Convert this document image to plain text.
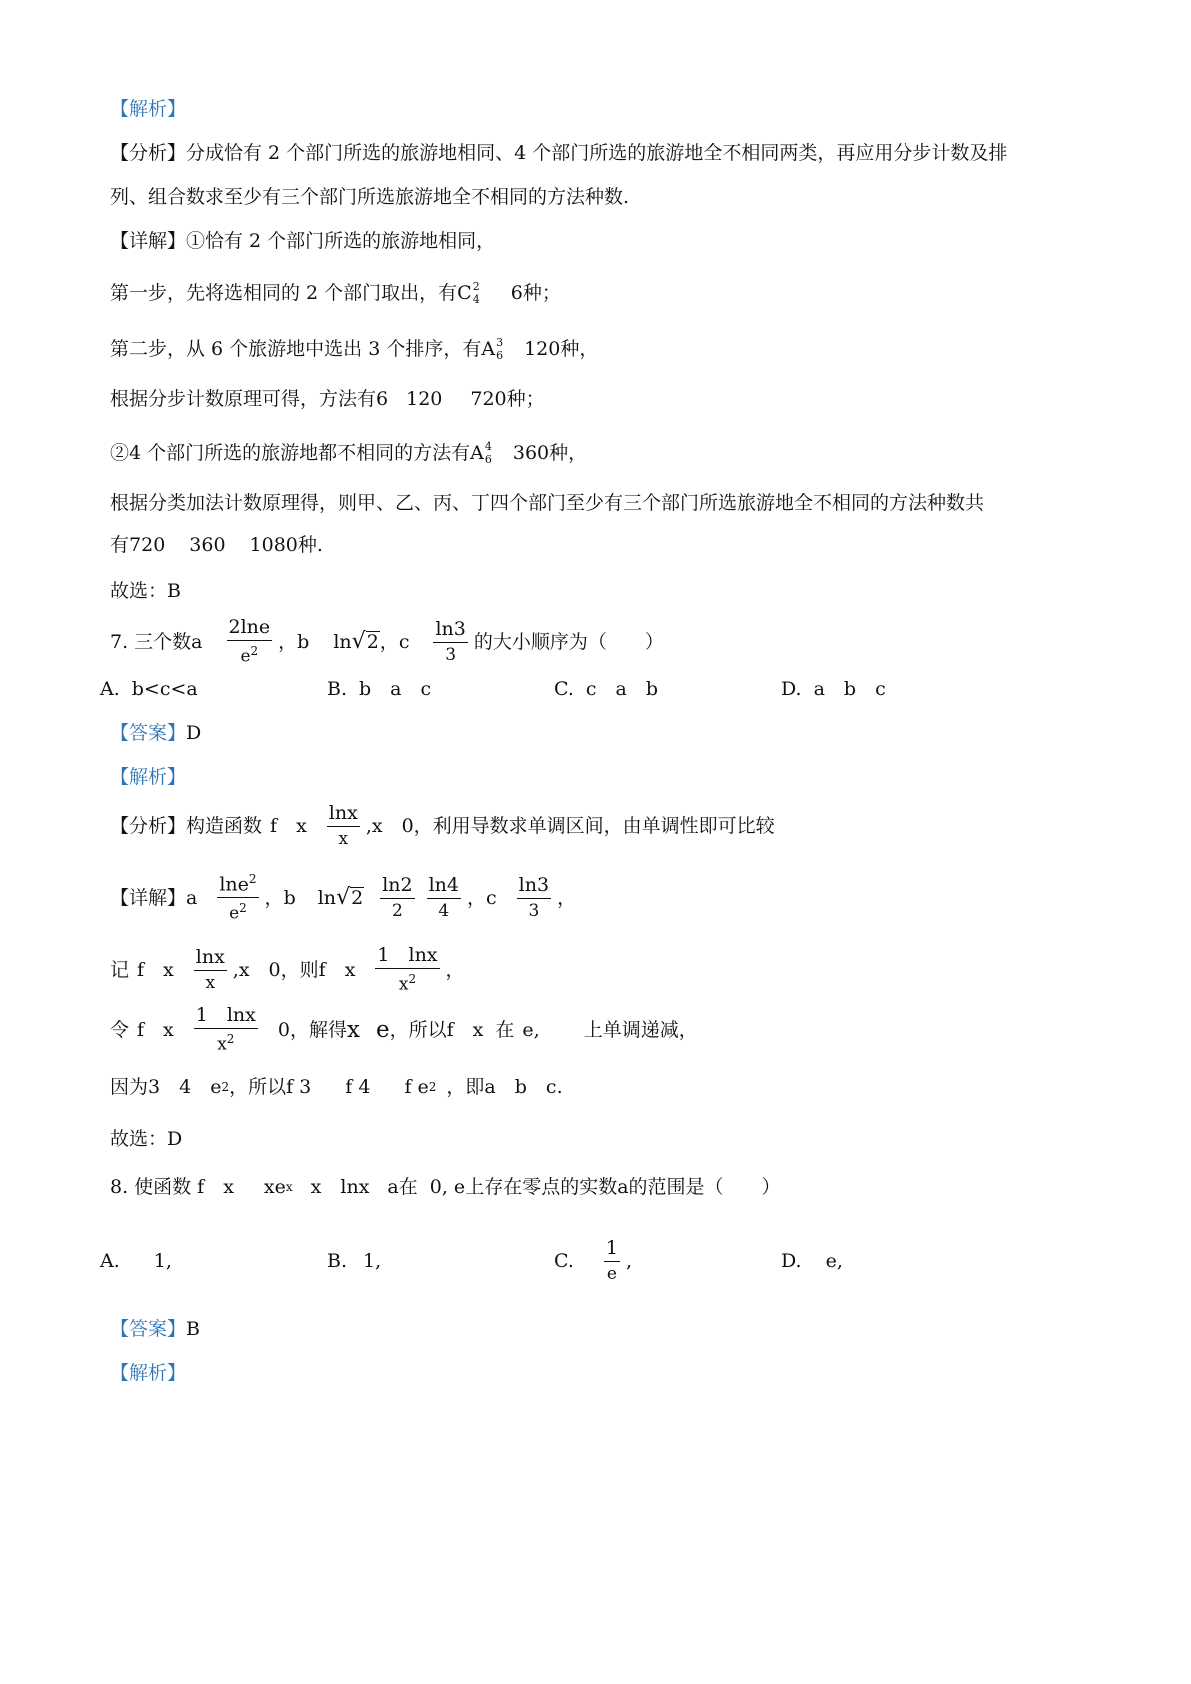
【解析】
【分析】 分成恰有 2 个部门所选的旅游地相同、4 个部门所选的旅游地全不相同两类，再应用分步计数及排
列、组合数求至少有三个部门所选旅游地全不相同的方法种数.
【详解】 ①恰有 2 个部门所选的旅游地相同，
第一步，先将选相同的 2 个部门取出，有 C 2
4 6 种；
第二步，从 6 个旅游地中选出 3 个排序，有 A 3
6 120 种，
根据分步计数原理可得，方法有 6 120 720 种；
②4 个部门所选的旅游地都不相同的方法有 A 4
6 360 种，
根据分类加法计数原理得，则甲、乙、丙、丁四个部门至少有三个部门所选旅游地全不相同的方法种数共
有 720 360 1080 种.
故选：B
7. 三个数 a $\frac{2\ln e}{e^2}$ ， b ln √ 2 ， c $\frac{\ln 3}{3}$ 的大小顺序为（　　）
A. b<c<a	B. b　a　c	C. c　a　b	D. a　b　c
【答案】 D
【解析】
【分析】 构造函数 f　x $\frac{\ln x}{x} ,x$　0 ，利用导数求单调区间，由单调性即可比较
【详解】 a $\frac{\ln e^2}{e^2}$ ， b ln √ $2 \frac{\ln 2}{2} \frac{\ln 4}{4}$ ， c $\frac{\ln 3}{3}$ ，
记 f　x $\frac{\ln x}{x} ,x$　0 ，则 f　x $\frac{1 \ln x}{x^2}$ ，
令 f　x $\frac{1 \ln x}{x^2} 0$ ，解得 x e ，所以 f　x 在 e, 上单调递减，
因为 3　4　e 2 ，所以 f 3 f 4 f e 2 ，即 a　b　c .
故选：D
8. 使函数 f　x xe x x　ln x a 在 0, e 上存在零点的实数 a 的范围是（　　）
A. 1,	B. 1,	C. $\frac{1}{e}$ ,	D. e,
【答案】 B
【解析】
